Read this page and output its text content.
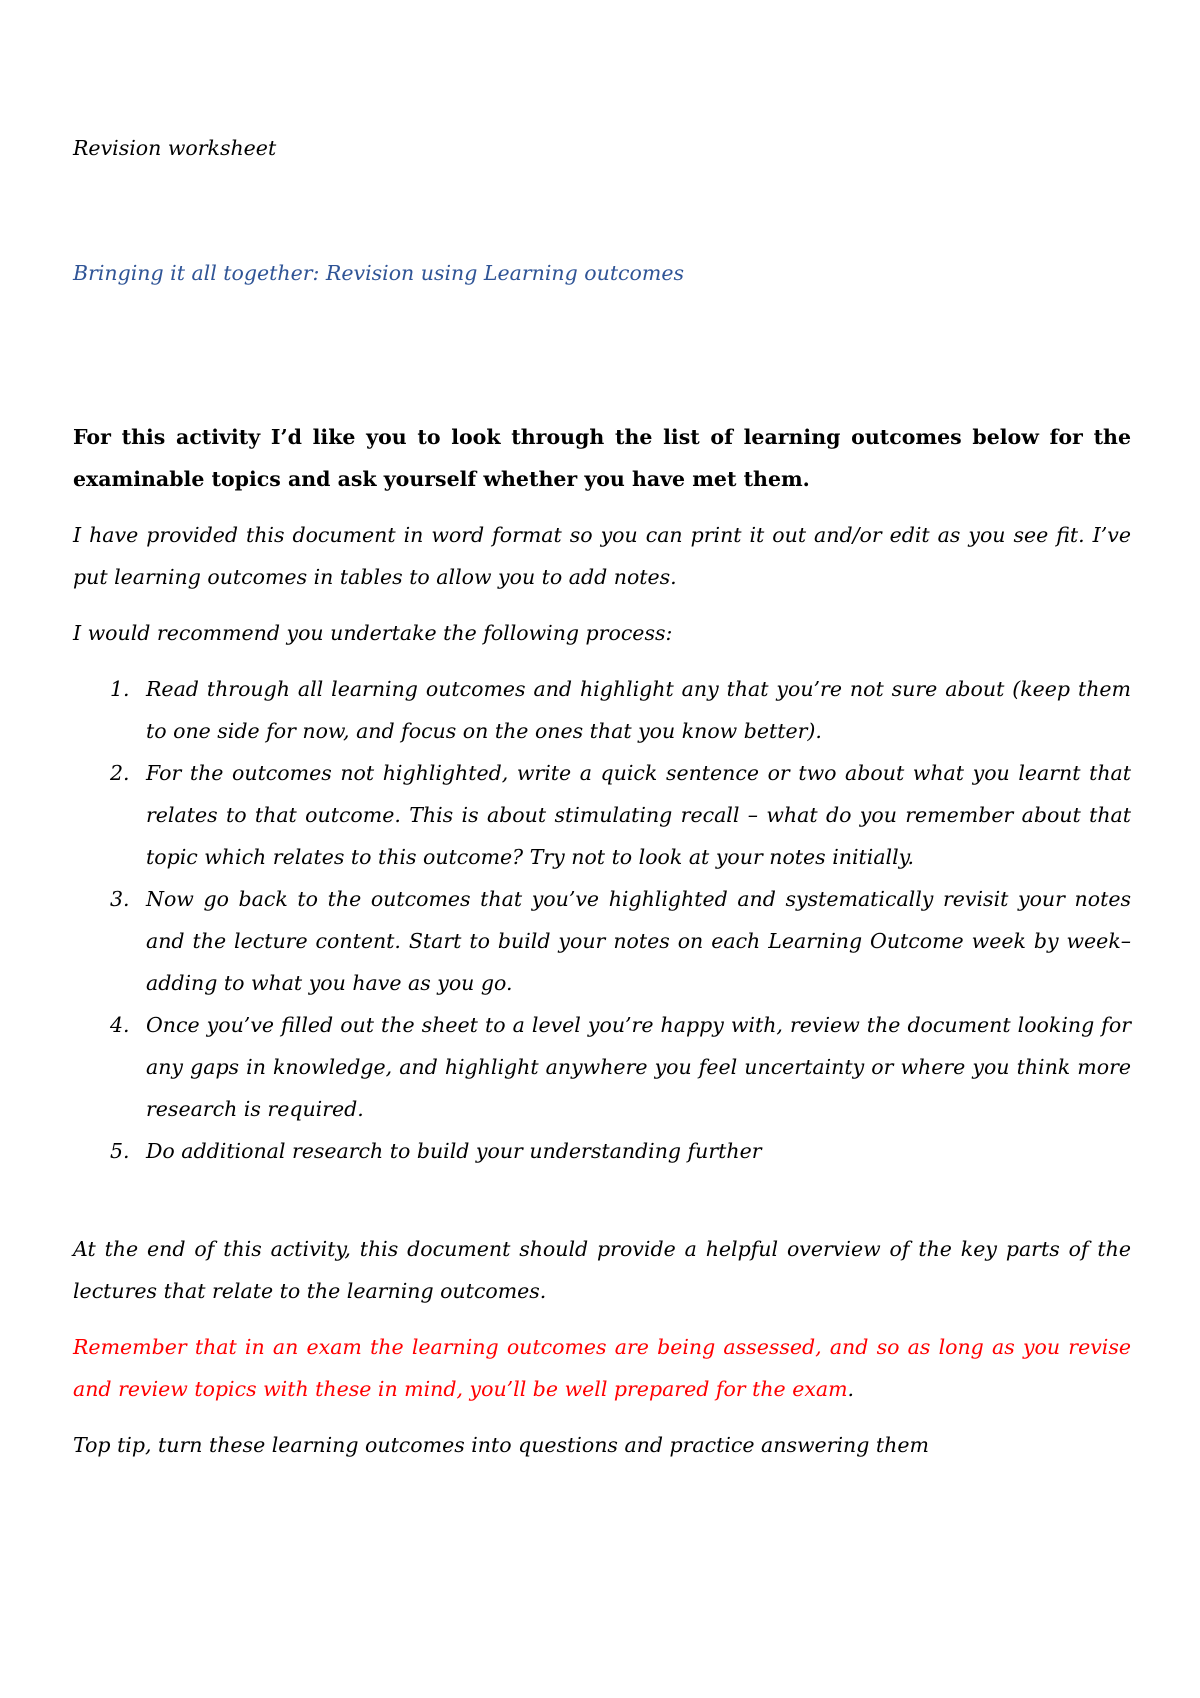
Revision worksheet

Bringing it all together: Revision using Learning outcomes

For this activity I’d like you to look through the list of learning outcomes below for the examinable topics and ask yourself whether you have met them.

I have provided this document in word format so you can print it out and/or edit as you see fit. I’ve put learning outcomes in tables to allow you to add notes.

I would recommend you undertake the following process:

1. Read through all learning outcomes and highlight any that you’re not sure about (keep them to one side for now, and focus on the ones that you know better).
2. For the outcomes not highlighted, write a quick sentence or two about what you learnt that relates to that outcome. This is about stimulating recall – what do you remember about that topic which relates to this outcome? Try not to look at your notes initially.
3. Now go back to the outcomes that you’ve highlighted and systematically revisit your notes and the lecture content. Start to build your notes on each Learning Outcome week by week– adding to what you have as you go.
4. Once you’ve filled out the sheet to a level you’re happy with, review the document looking for any gaps in knowledge, and highlight anywhere you feel uncertainty or where you think more research is required.
5. Do additional research to build your understanding further

At the end of this activity, this document should provide a helpful overview of the key parts of the lectures that relate to the learning outcomes.

Remember that in an exam the learning outcomes are being assessed, and so as long as you revise and review topics with these in mind, you’ll be well prepared for the exam.

Top tip, turn these learning outcomes into questions and practice answering them
